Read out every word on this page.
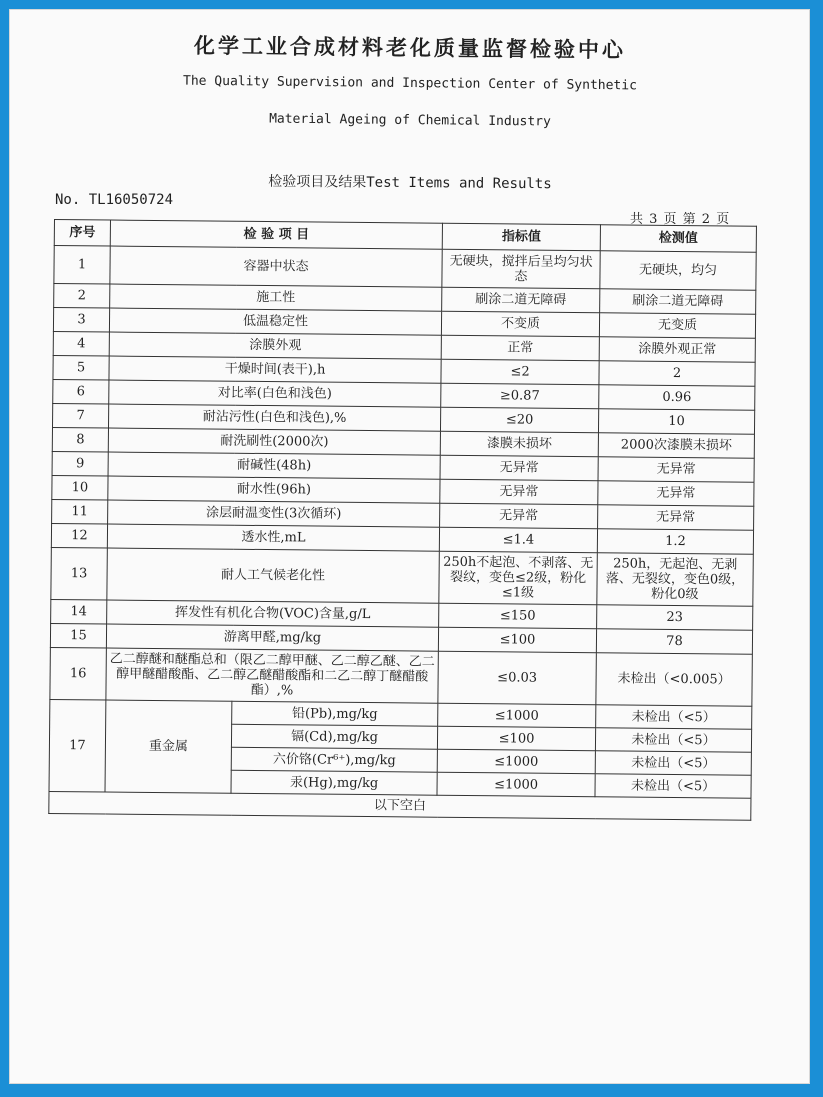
化学工业合成材料老化质量监督检验中心
The Quality Supervision and Inspection Center of Synthetic
Material Ageing of Chemical Industry
检验项目及结果Test Items and Results
No. TL16050724
共 3 页 第 2 页
序号	检 验 项 目		指标值	检测值
1	容器中状态		无硬块，搅拌后呈均匀状态	无硬块，均匀
2	施工性		刷涂二道无障碍	刷涂二道无障碍
3	低温稳定性		不变质	无变质
4	涂膜外观		正常	涂膜外观正常
5	干燥时间(表干),h		≤2	2
6	对比率(白色和浅色)		≥0.87	0.96
7	耐沾污性(白色和浅色),%		≤20	10
8	耐洗刷性(2000次)		漆膜未损坏	2000次漆膜未损坏
9	耐碱性(48h)		无异常	无异常
10	耐水性(96h)		无异常	无异常
11	涂层耐温变性(3次循环)		无异常	无异常
12	透水性,mL		≤1.4	1.2
13	耐人工气候老化性		250h不起泡、不剥落、无裂纹，变色≤2级，粉化≤1级	250h，无起泡、无剥落、无裂纹，变色0级，粉化0级
14	挥发性有机化合物(VOC)含量,g/L		≤150	23
15	游离甲醛,mg/kg		≤100	78
16	乙二醇醚和醚酯总和（限乙二醇甲醚、乙二醇乙醚、乙二醇甲醚醋酸酯、乙二醇乙醚醋酸酯和二乙二醇丁醚醋酸酯）,%		≤0.03	未检出（<0.005）
17	重金属	铅(Pb),mg/kg	≤1000	未检出（<5）
		镉(Cd),mg/kg	≤100	未检出（<5）
		六价铬(Cr⁶⁺),mg/kg	≤1000	未检出（<5）
		汞(Hg),mg/kg	≤1000	未检出（<5）
以下空白				
